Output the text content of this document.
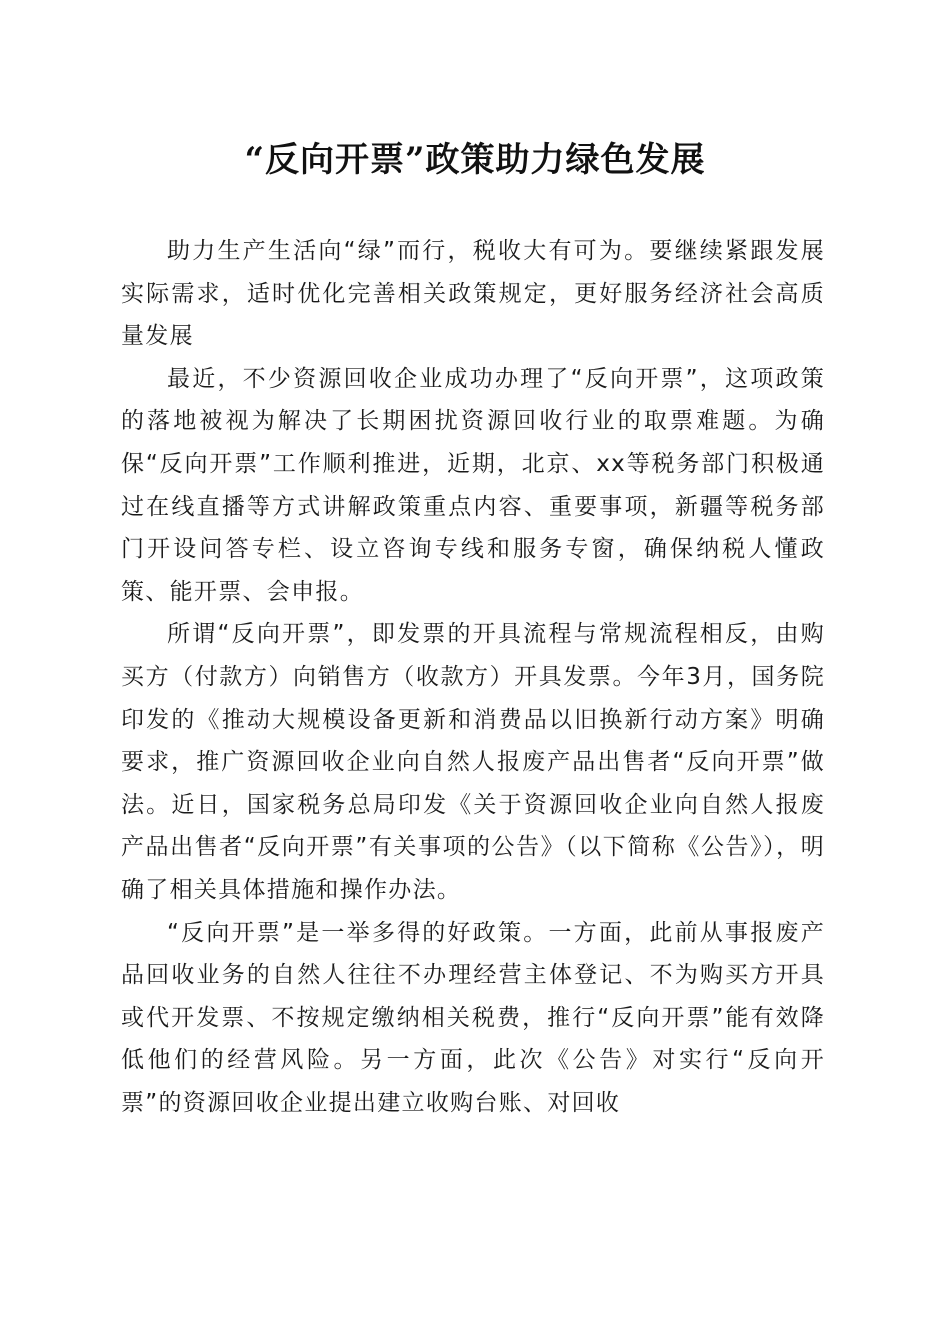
“反向开票”政策助力绿色发展

助力生产生活向“绿”而行，税收大有可为。要继续紧跟发展实际需求，适时优化完善相关政策规定，更好服务经济社会高质量发展

最近，不少资源回收企业成功办理了“反向开票”，这项政策的落地被视为解决了长期困扰资源回收行业的取票难题。为确保“反向开票”工作顺利推进，近期，北京、xx等税务部门积极通过在线直播等方式讲解政策重点内容、重要事项，新疆等税务部门开设问答专栏、设立咨询专线和服务专窗，确保纳税人懂政策、能开票、会申报。

所谓“反向开票”，即发票的开具流程与常规流程相反，由购买方（付款方）向销售方（收款方）开具发票。今年3月，国务院印发的《推动大规模设备更新和消费品以旧换新行动方案》明确要求，推广资源回收企业向自然人报废产品出售者“反向开票”做法。近日，国家税务总局印发《关于资源回收企业向自然人报废产品出售者“反向开票”有关事项的公告》（以下简称《公告》），明确了相关具体措施和操作办法。

“反向开票”是一举多得的好政策。一方面，此前从事报废产品回收业务的自然人往往不办理经营主体登记、不为购买方开具或代开发票、不按规定缴纳相关税费，推行“反向开票”能有效降低他们的经营风险。另一方面，此次《公告》对实行“反向开票”的资源回收企业提出建立收购台账、对回收
